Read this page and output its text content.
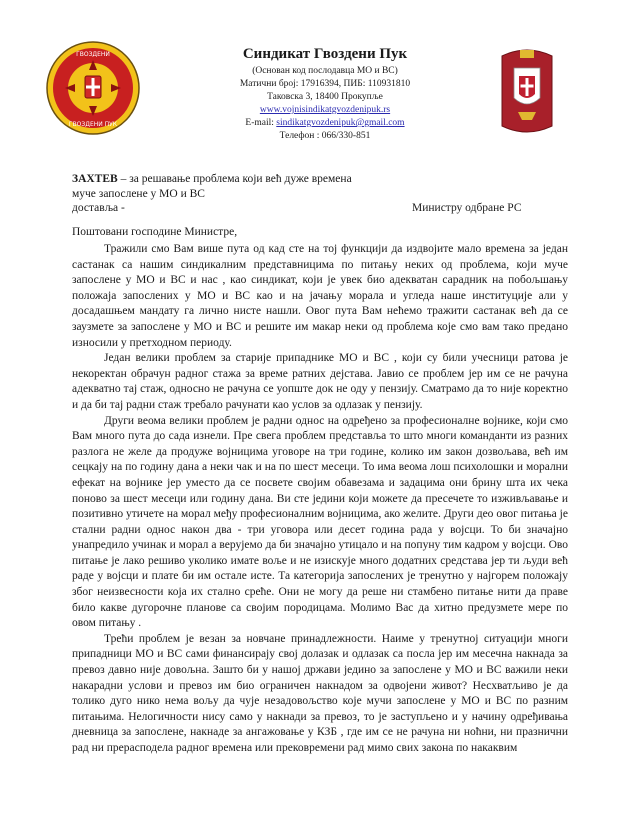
ГВОЗДЕНИ
ГВОЗДЕНИ ПУК
Синдикат Гвоздени Пук
(Основан код послодавца МО и ВС)
Матични број: 17916394, ПИБ: 110931810
Таковска 3, 18400 Прокупље
www.vojnisindikatgvozdenipuk.rs
E-mail: sindikatgvozdenipuk@gmail.com
Телефон : 066/330-851
ЗАХТЕВ – за решавање проблема који већ дуже времена
муче запослене у МО и ВС
доставља -	Министру одбране РС
Поштовани господине Министре,

Тражили смо Вам више пута од кад сте на тој функцији да издвојите мало времена за један састанак са нашим синдикалним представницима по питању неких од проблема, који муче запослене у МО и ВС и нас , као синдикат, који је увек био адекватан сарадник на побољшању положаја запослених у МО и ВС као и на јачању морала и угледа наше институције али у досадашњем мандату га лично нисте нашли. Овог пута Вам нећемо тражити састанак већ да се заузмете за запослене у МО и ВС и решите им макар неки од проблема које смо вам тако предано износили у претходном периоду.

Један велики проблем за старије припаднике МО и ВС , који су били учесници ратова је некоректан обрачун радног стажа за време ратних дејстава. Јавио се проблем јер им се не рачуна адекватно тај стаж, односно не рачуна се уопште док не оду у пензију. Сматрамо да то није коректно и да би тај радни стаж требало рачунати као услов за одлазак у пензију.

Други веома велики проблем је радни однос на одређено за професионалне војнике, који смо Вам много пута до сада изнели. Пре свега проблем представља то што многи команданти из разних разлога не желе да продуже војницима уговоре на три године, колико им закон дозвољава, већ им сецкају на по годину дана а неки чак и на по шест месеци. То има веома лош психолошки и морални ефекат на војнике јер уместо да се посвете својим обавезама и задацима они брину шта их чека поново за шест месеци или годину дана. Ви сте једини који можете да пресечете то изживљавање и позитивно утичете на морал међу професионалним војницима, ако желите. Други део овог питања је стални радни однос након два - три уговора или десет година рада у војсци. То би значајно унапредило учинак и морал а верујемо да би значајно утицало и на попуну тим кадром у војсци. Ово питање је лако решиво уколико имате воље и не изискује много додатних средстава јер ти људи већ раде у војсци и плате би им остале исте. Та категорија запослених је тренутно у најгорем положају због неизвесности која их стално срећe. Они не могу да реше ни стамбено питање нити да праве било какве дугорочне планове са својим породицама. Молимо Вас да хитно предузмете мере по овом питању .

Трећи проблем је везан за новчане принадлежности. Наиме у тренутној ситуацији многи припадници МО и ВС сами финансирају свој долазак и одлазак са посла јер им месечна накнада за превоз давно није довољна. Зашто би у нашој држави једино за запослене у МО и ВС важили неки накарадни услови и превоз им био ограничен накнадом за одвојени живот? Несхватљиво је да толико дуго нико нема вољу да чује незадовољство које мучи запослене у МО и ВС по разним питањима. Нелогичности нису само у накнади за превоз, то је заступљено и у начину одређивања дневница за запослене, накнаде за ангажовање у КЗБ , где им се не рачуна ни ноћни, ни празнични рад ни прерасподела радног времена или прековремени рад мимо свих закона по накаквим
